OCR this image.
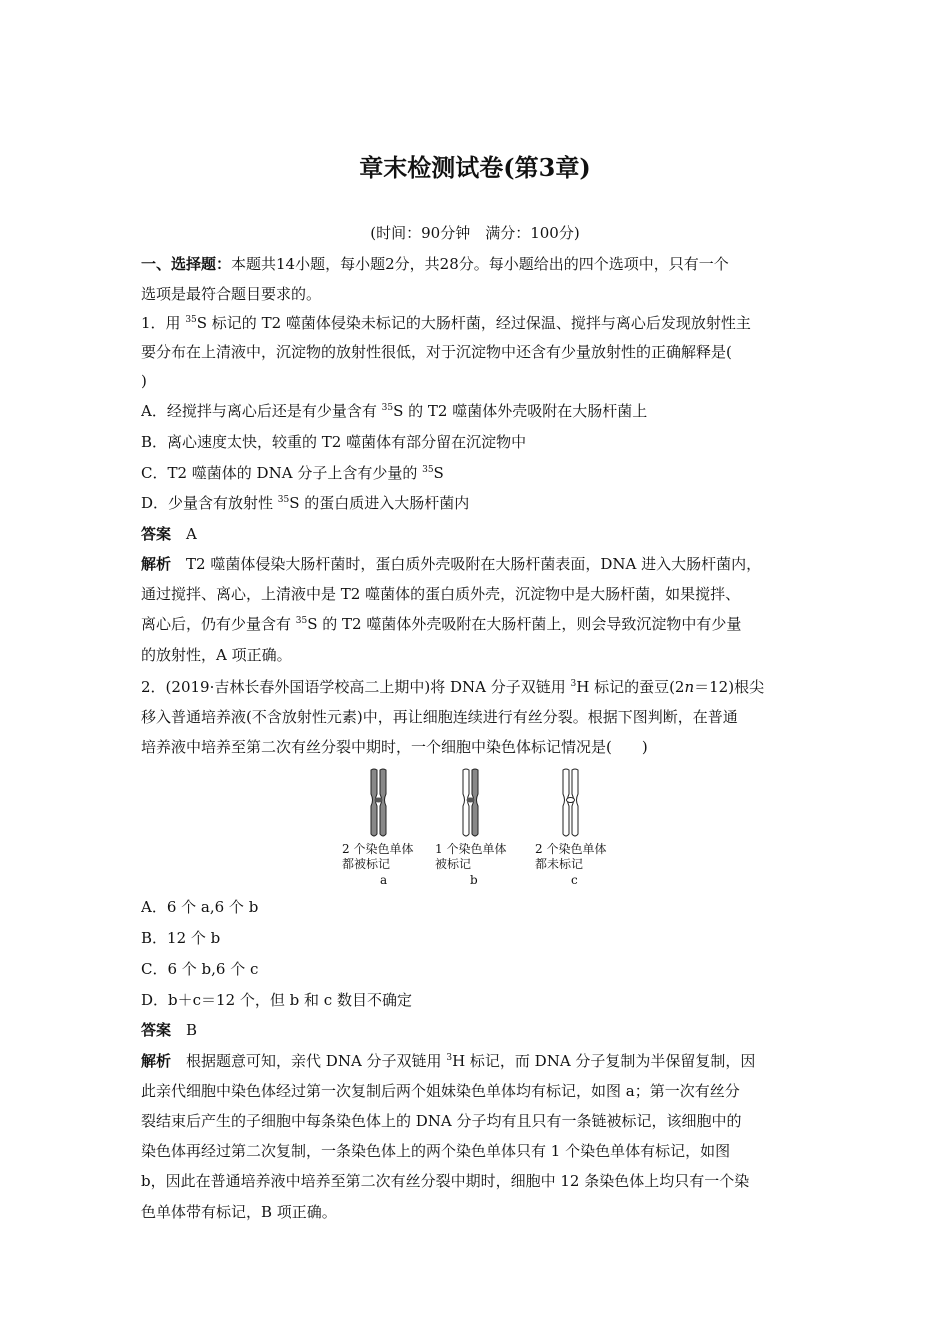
章末检测试卷(第3章)
(时间：90分钟　满分：100分)
一、选择题：本题共14小题，每小题2分，共28分。每小题给出的四个选项中，只有一个
选项是最符合题目要求的。
1．用 $^{35}$S 标记的 T2 噬菌体侵染未标记的大肠杆菌，经过保温、搅拌与离心后发现放射性主
要分布在上清液中，沉淀物的放射性很低，对于沉淀物中还含有少量放射性的正确解释是(
)
A．经搅拌与离心后还是有少量含有 $^{35}$S 的 T2 噬菌体外壳吸附在大肠杆菌上
B．离心速度太快，较重的 T2 噬菌体有部分留在沉淀物中
C．T2 噬菌体的 DNA 分子上含有少量的 $^{35}$S
D．少量含有放射性 $^{35}$S 的蛋白质进入大肠杆菌内
答案　 A
解析　 T2 噬菌体侵染大肠杆菌时，蛋白质外壳吸附在大肠杆菌表面，DNA 进入大肠杆菌内，
通过搅拌、离心，上清液中是 T2 噬菌体的蛋白质外壳，沉淀物中是大肠杆菌，如果搅拌、
离心后，仍有少量含有 $^{35}$S 的 T2 噬菌体外壳吸附在大肠杆菌上，则会导致沉淀物中有少量
的放射性，A 项正确。
2．(2019·吉林长春外国语学校高二上期中)将 DNA 分子双链用 $^3$H 标记的蚕豆(2n＝12)根尖
移入普通培养液(不含放射性元素)中，再让细胞连续进行有丝分裂。根据下图判断，在普通
培养液中培养至第二次有丝分裂中期时，一个细胞中染色体标记情况是(　　)
2 个染色单体
都被标记
a
1 个染色单体
被标记
b
2 个染色单体
都未标记
c
A．6 个 a,6 个 b
B．12 个 b
C．6 个 b,6 个 c
D．b＋c＝12 个，但 b 和 c 数目不确定
答案　 B
解析　 根据题意可知，亲代 DNA 分子双链用 $^3$H 标记，而 DNA 分子复制为半保留复制，因
此亲代细胞中染色体经过第一次复制后两个姐妹染色单体均有标记，如图 a；第一次有丝分
裂结束后产生的子细胞中每条染色体上的 DNA 分子均有且只有一条链被标记，该细胞中的
染色体再经过第二次复制，一条染色体上的两个染色单体只有 1 个染色单体有标记，如图
b，因此在普通培养液中培养至第二次有丝分裂中期时，细胞中 12 条染色体上均只有一个染
色单体带有标记，B 项正确。
